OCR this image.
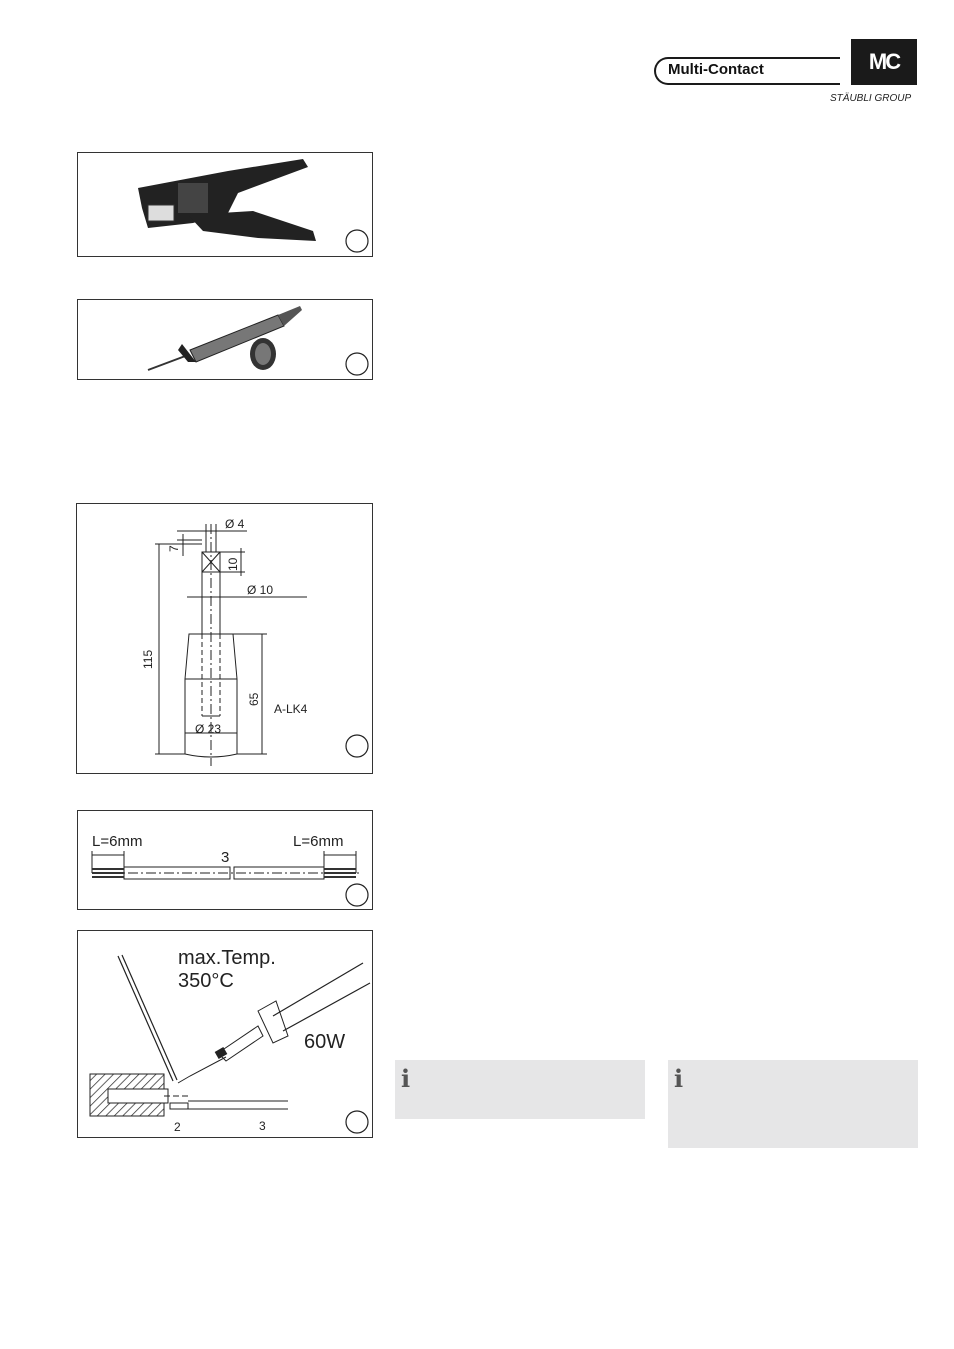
Multi-Contact	MC
STÄUBLI GROUP
Ø 4
7
10
Ø 10
115
65
Ø 23
A-LK4
L=6mm	L=6mm
3
max.Temp.
350°C
60W
2	3
i	i
